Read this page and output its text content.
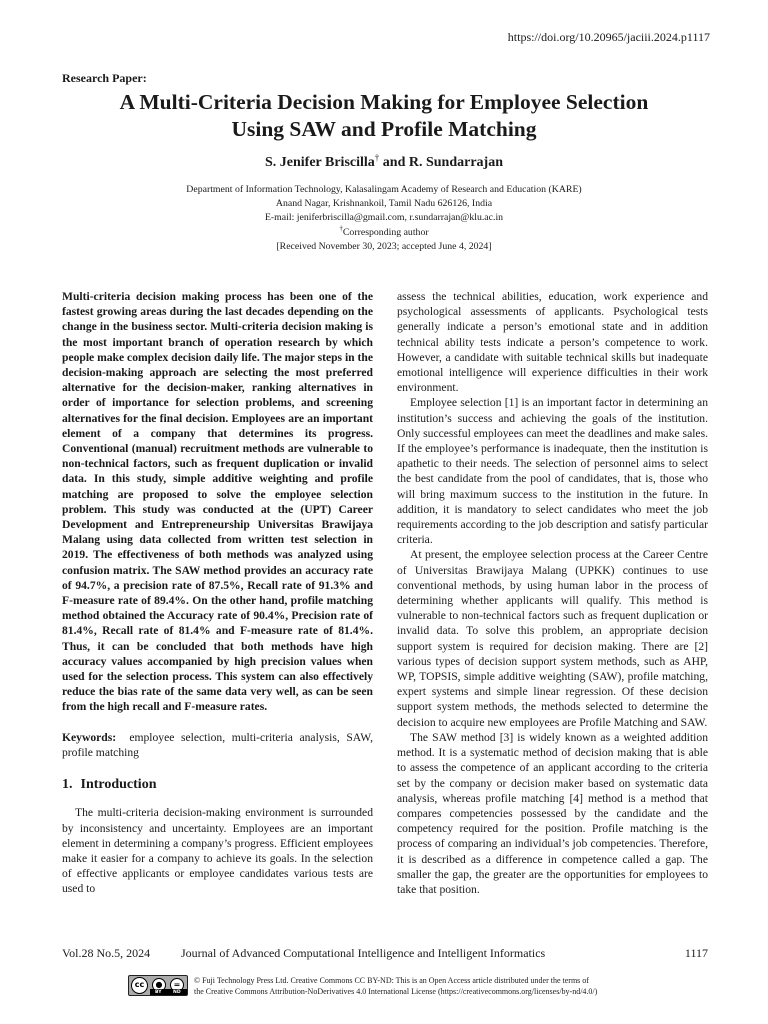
https://doi.org/10.20965/jaciii.2024.p1117
Research Paper:
A Multi-Criteria Decision Making for Employee Selection
Using SAW and Profile Matching
S. Jenifer Briscilla† and R. Sundarrajan
Department of Information Technology, Kalasalingam Academy of Research and Education (KARE)
Anand Nagar, Krishnankoil, Tamil Nadu 626126, India
E-mail: jeniferbriscilla@gmail.com, r.sundarrajan@klu.ac.in
†Corresponding author
[Received November 30, 2023; accepted June 4, 2024]

Multi-criteria decision making process has been one of the fastest growing areas during the last decades depending on the change in the business sector. Multi-criteria decision making is the most important branch of operation research by which people make complex decision daily life. The major steps in the decision-making approach are selecting the most preferred alternative for the decision-maker, ranking alternatives in order of importance for selection problems, and screening alternatives for the final decision. Employees are an important element of a company that determines its progress. Conventional (manual) recruitment methods are vulnerable to non-technical factors, such as frequent duplication or invalid data. In this study, simple additive weighting and profile matching are proposed to solve the employee selection problem. This study was conducted at the (UPT) Career Development and Entrepreneurship Universitas Brawijaya Malang using data collected from written test selection in 2019. The effectiveness of both methods was analyzed using confusion matrix. The SAW method provides an accuracy rate of 94.7%, a precision rate of 87.5%, Recall rate of 91.3% and F-measure rate of 89.4%. On the other hand, profile matching method obtained the Accuracy rate of 90.4%, Precision rate of 81.4%, Recall rate of 81.4% and F-measure rate of 81.4%. Thus, it can be concluded that both methods have high accuracy values accompanied by high precision values when used for the selection process. This system can also effectively reduce the bias rate of the same data very well, as can be seen from the high recall and F-measure rates.

Keywords: employee selection, multi-criteria analysis, SAW, profile matching

1. Introduction

The multi-criteria decision-making environment is surrounded by inconsistency and uncertainty. Employees are an important element in determining a company’s progress. Efficient employees make it easier for a company to achieve its goals. In the selection of effective applicants or employee candidates various tests are used to

assess the technical abilities, education, work experience and psychological assessments of applicants. Psychological tests generally indicate a person’s emotional state and in addition technical ability tests indicate a person’s competence to work. However, a candidate with suitable technical skills but inadequate emotional intelligence will experience difficulties in their work environment.

Employee selection [1] is an important factor in determining an institution’s success and achieving the goals of the institution. Only successful employees can meet the deadlines and make sales. If the employee’s performance is inadequate, then the institution is apathetic to their needs. The selection of personnel aims to select the best candidate from the pool of candidates, that is, those who will bring maximum success to the institution in the future. In addition, it is mandatory to select candidates who meet the job requirements according to the job description and satisfy particular criteria.

At present, the employee selection process at the Career Centre of Universitas Brawijaya Malang (UPKK) continues to use conventional methods, by using human labor in the process of determining whether applicants will qualify. This method is vulnerable to non-technical factors such as frequent duplication or invalid data. To solve this problem, an appropriate decision support system is required for decision making. There are [2] various types of decision support system methods, such as AHP, WP, TOPSIS, simple additive weighting (SAW), profile matching, expert systems and simple linear regression. Of these decision support system methods, the methods selected to determine the decision to acquire new employees are Profile Matching and SAW.

The SAW method [3] is widely known as a weighted addition method. It is a systematic method of decision making that is able to assess the competence of an applicant according to the criteria set by the company or decision maker based on systematic data analysis, whereas profile matching [4] method is a method that compares competencies possessed by the candidate and the competency required for the position. Profile matching is the process of comparing an individual’s job competencies. Therefore, it is described as a difference in competence called a gap. The smaller the gap, the greater are the opportunities for employees to take that position.

Vol.28 No.5, 2024	Journal of Advanced Computational Intelligence and Intelligent Informatics	1117
cc	●	=
BY ND
© Fuji Technology Press Ltd. Creative Commons CC BY-ND: This is an Open Access article distributed under the terms of
the Creative Commons Attribution-NoDerivatives 4.0 International License (https://creativecommons.org/licenses/by-nd/4.0/)
